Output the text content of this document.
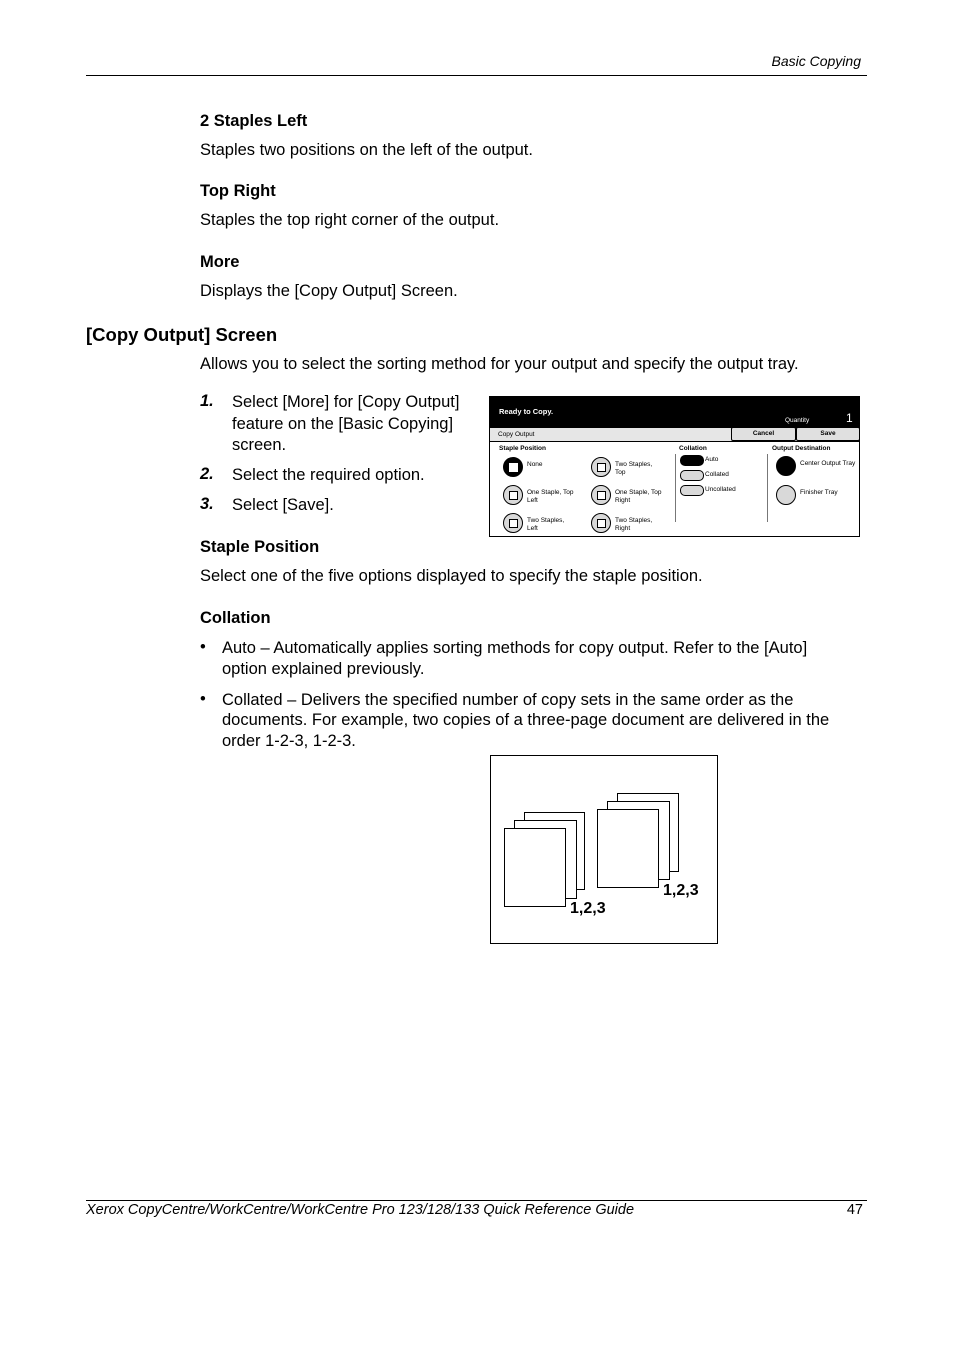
Basic Copying
2 Staples Left
Staples two positions on the left of the output.
Top Right
Staples the top right corner of the output.
More
Displays the [Copy Output] Screen.
[Copy Output] Screen
Allows you to select the sorting method for your output and specify the output tray.
1. Select [More] for [Copy Output]
feature on the [Basic Copying]
screen.
2. Select the required option.
3. Select [Save].
Ready to Copy.
Quantity	1
Copy Output	Cancel	Save
Staple Position	Collation	Output Destination
None	Two Staples, Top
One Staple, Top Left
One Staple, Top Right
Two Staples, Left
Two Staples, Right
Auto
Collated
Uncollated
Center Output Tray
Finisher Tray
Staple Position
Select one of the five options displayed to specify the staple position.
Collation
• Auto – Automatically applies sorting methods for copy output. Refer to the [Auto]
option explained previously.
• Collated – Delivers the specified number of copy sets in the same order as the
documents. For example, two copies of a three-page document are delivered in the
order 1-2-3, 1-2-3.
1,2,3
1,2,3
Xerox CopyCentre/WorkCentre/WorkCentre Pro 123/128/133 Quick Reference Guide	47
